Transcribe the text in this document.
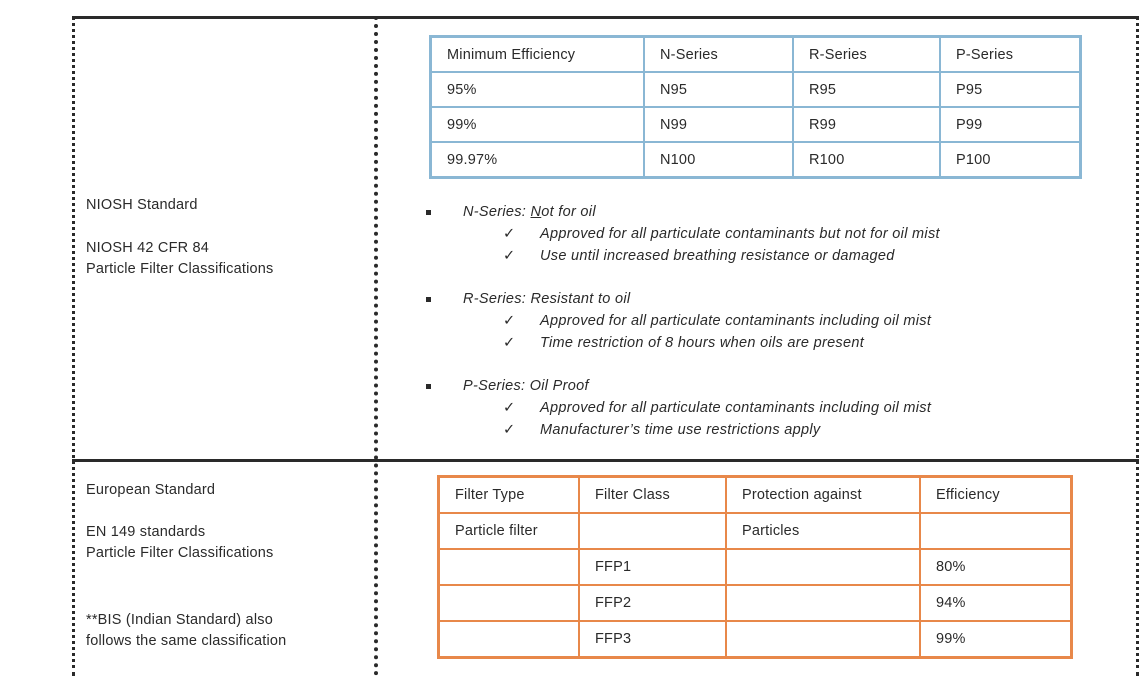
NIOSH Standard
NIOSH 42 CFR 84
Particle Filter Classifications
Minimum Efficiency	N-Series	R-Series	P-Series
95%	N95	R95	P95
99%	N99	R99	P99
99.97%	N100	R100	P100
N-Series: Not for oil
✓ Approved for all particulate contaminants but not for oil mist
✓ Use until increased breathing resistance or damaged
R-Series: Resistant to oil
✓ Approved for all particulate contaminants including oil mist
✓ Time restriction of 8 hours when oils are present
P-Series: Oil Proof
✓ Approved for all particulate contaminants including oil mist
✓ Manufacturer’s time use restrictions apply
European Standard
EN 149 standards
Particle Filter Classifications
**BIS (Indian Standard) also
follows the same classification
Filter Type	Filter Class	Protection against	Efficiency
Particle filter		Particles	
	FFP1		80%
	FFP2		94%
	FFP3		99%
